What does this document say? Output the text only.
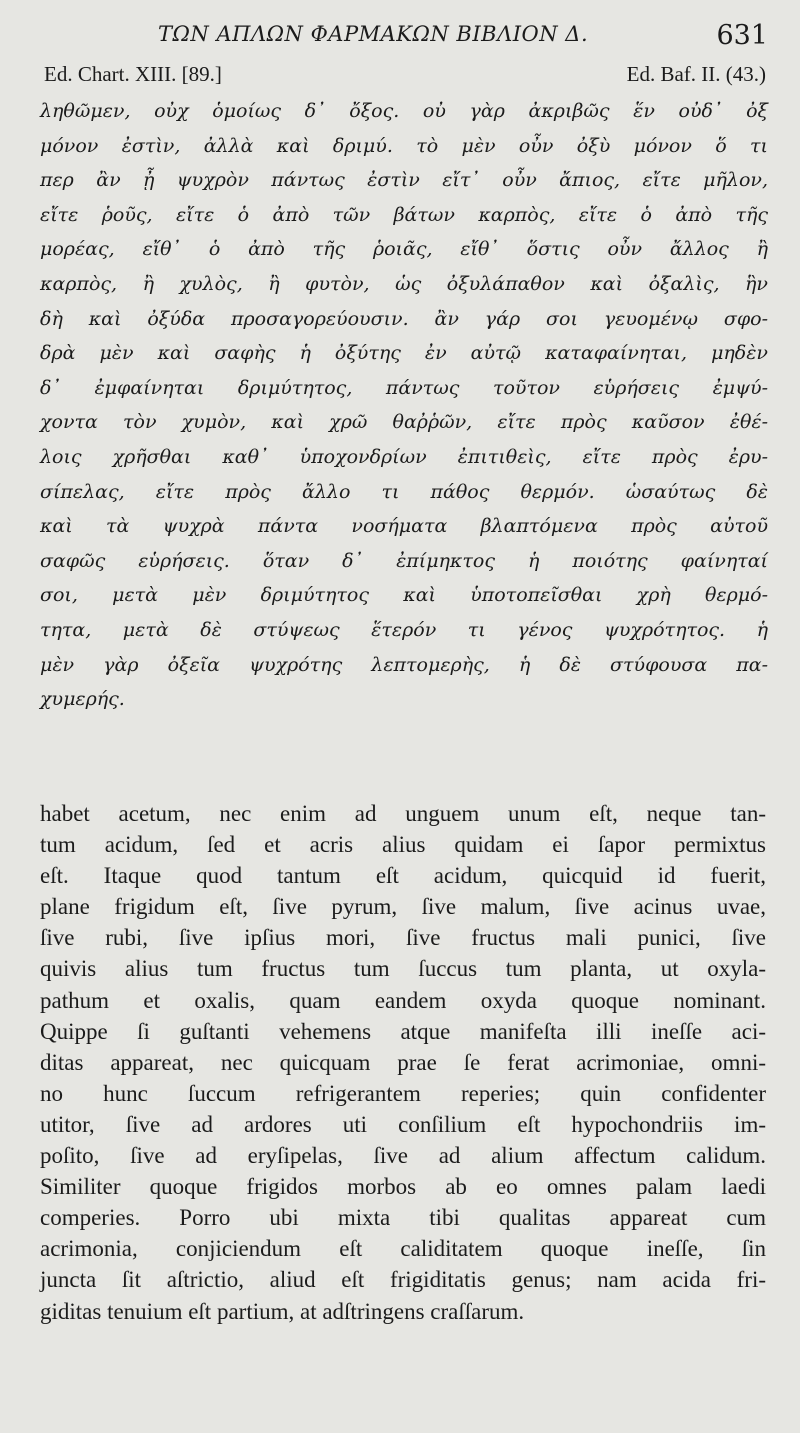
ΤΩΝ ΑΠΛΩΝ ΦΑΡΜΑΚΩΝ ΒΙΒΛΙΟΝ Δ.	631
Ed. Chart. XIII. [89.]	Ed. Baf. II. (43.)
ληθῶμεν, οὐχ ὁμοίως δ᾽ ὄξος. οὐ γὰρ ἀκριβῶς ἕν οὐδ᾽ ὀξ
μόνον ἐστὶν, ἀλλὰ καὶ δριμύ. τὸ μὲν οὖν ὀξὺ μόνον ὅ τι
περ ἂν ᾖ ψυχρὸν πάντως ἐστὶν εἴτ᾽ οὖν ἄπιος, εἴτε μῆλον,
εἴτε ῥοῦς, εἴτε ὁ ἀπὸ τῶν βάτων καρπὸς, εἴτε ὁ ἀπὸ τῆς
μορέας, εἴθ᾽ ὁ ἀπὸ τῆς ῥοιᾶς, εἴθ᾽ ὅστις οὖν ἄλλος ἢ
καρπὸς, ἢ χυλὸς, ἢ φυτὸν, ὡς ὀξυλάπαθον καὶ ὀξαλὶς, ἣν
δὴ καὶ ὀξύδα προσαγορεύουσιν. ἂν γάρ σοι γευομένῳ σφο-
δρὰ μὲν καὶ σαφὴς ἡ ὀξύτης ἐν αὐτῷ καταφαίνηται, μηδὲν
δ᾽ ἐμφαίνηται δριμύτητος, πάντως τοῦτον εὑρήσεις ἐμψύ-
χοντα τὸν χυμὸν, καὶ χρῶ θαῤῥῶν, εἴτε πρὸς καῦσον ἐθέ-
λοις χρῆσθαι καθ᾽ ὑποχονδρίων ἐπιτιθεὶς, εἴτε πρὸς ἐρυ-
σίπελας, εἴτε πρὸς ἄλλο τι πάθος θερμόν. ὡσαύτως δὲ
καὶ τὰ ψυχρὰ πάντα νοσήματα βλαπτόμενα πρὸς αὐτοῦ
σαφῶς εὑρήσεις. ὅταν δ᾽ ἐπίμηκτος ἡ ποιότης φαίνηταί
σοι, μετὰ μὲν δριμύτητος καὶ ὑποτοπεῖσθαι χρὴ θερμό-
τητα, μετὰ δὲ στύψεως ἕτερόν τι γένος ψυχρότητος. ἡ
μὲν γὰρ ὀξεῖα ψυχρότης λεπτομερὴς, ἡ δὲ στύφουσα πα-
χυμερής.
habet acetum, nec enim ad unguem unum eſt, neque tan-
tum acidum, ſed et acris alius quidam ei ſapor permixtus
eſt. Itaque quod tantum eſt acidum, quicquid id fuerit,
plane frigidum eſt, ſive pyrum, ſive malum, ſive acinus uvae,
ſive rubi, ſive ipſius mori, ſive fructus mali punici, ſive
quivis alius tum fructus tum ſuccus tum planta, ut oxyla-
pathum et oxalis, quam eandem oxyda quoque nominant.
Quippe ſi guſtanti vehemens atque manifeſta illi ineſſe aci-
ditas appareat, nec quicquam prae ſe ferat acrimoniae, omni-
no hunc ſuccum refrigerantem reperies; quin confidenter
utitor, ſive ad ardores uti conſilium eſt hypochondriis im-
poſito, ſive ad eryſipelas, ſive ad alium affectum calidum.
Similiter quoque frigidos morbos ab eo omnes palam laedi
comperies. Porro ubi mixta tibi qualitas appareat cum
acrimonia, conjiciendum eſt caliditatem quoque ineſſe, ſin
juncta ſit aſtrictio, aliud eſt frigiditatis genus; nam acida fri-
giditas tenuium eſt partium, at adſtringens craſſarum.
